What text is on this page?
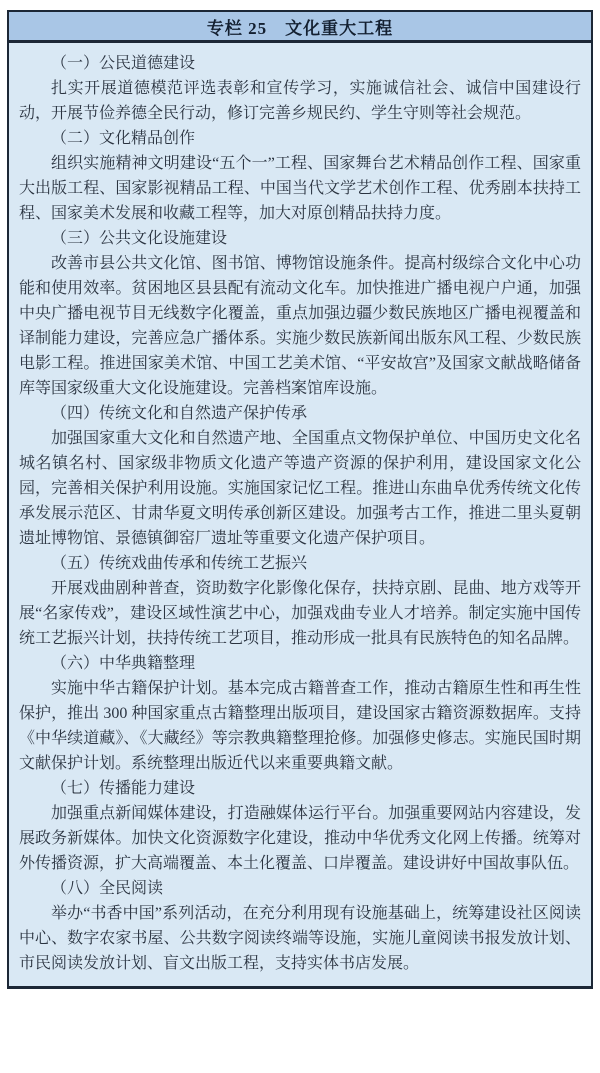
专栏 25　文化重大工程

（一）公民道德建设

扎实开展道德模范评选表彰和宣传学习，实施诚信社会、诚信中国建设行动，开展节俭养德全民行动，修订完善乡规民约、学生守则等社会规范。

（二）文化精品创作

组织实施精神文明建设“五个一”工程、国家舞台艺术精品创作工程、国家重大出版工程、国家影视精品工程、中国当代文学艺术创作工程、优秀剧本扶持工程、国家美术发展和收藏工程等，加大对原创精品扶持力度。

（三）公共文化设施建设

改善市县公共文化馆、图书馆、博物馆设施条件。提高村级综合文化中心功能和使用效率。贫困地区县县配有流动文化车。加快推进广播电视户户通，加强中央广播电视节目无线数字化覆盖，重点加强边疆少数民族地区广播电视覆盖和译制能力建设，完善应急广播体系。实施少数民族新闻出版东风工程、少数民族电影工程。推进国家美术馆、中国工艺美术馆、“平安故宫”及国家文献战略储备库等国家级重大文化设施建设。完善档案馆库设施。

（四）传统文化和自然遗产保护传承

加强国家重大文化和自然遗产地、全国重点文物保护单位、中国历史文化名城名镇名村、国家级非物质文化遗产等遗产资源的保护利用，建设国家文化公园，完善相关保护利用设施。实施国家记忆工程。推进山东曲阜优秀传统文化传承发展示范区、甘肃华夏文明传承创新区建设。加强考古工作，推进二里头夏朝遗址博物馆、景德镇御窑厂遗址等重要文化遗产保护项目。

（五）传统戏曲传承和传统工艺振兴

开展戏曲剧种普查，资助数字化影像化保存，扶持京剧、昆曲、地方戏等开展“名家传戏”，建设区域性演艺中心，加强戏曲专业人才培养。制定实施中国传统工艺振兴计划，扶持传统工艺项目，推动形成一批具有民族特色的知名品牌。

（六）中华典籍整理

实施中华古籍保护计划。基本完成古籍普查工作，推动古籍原生性和再生性保护，推出 300 种国家重点古籍整理出版项目，建设国家古籍资源数据库。支持《中华续道藏》、《大藏经》等宗教典籍整理抢修。加强修史修志。实施民国时期文献保护计划。系统整理出版近代以来重要典籍文献。

（七）传播能力建设

加强重点新闻媒体建设，打造融媒体运行平台。加强重要网站内容建设，发展政务新媒体。加快文化资源数字化建设，推动中华优秀文化网上传播。统筹对外传播资源，扩大高端覆盖、本土化覆盖、口岸覆盖。建设讲好中国故事队伍。

（八）全民阅读

举办“书香中国”系列活动，在充分利用现有设施基础上，统筹建设社区阅读中心、数字农家书屋、公共数字阅读终端等设施，实施儿童阅读书报发放计划、市民阅读发放计划、盲文出版工程，支持实体书店发展。
